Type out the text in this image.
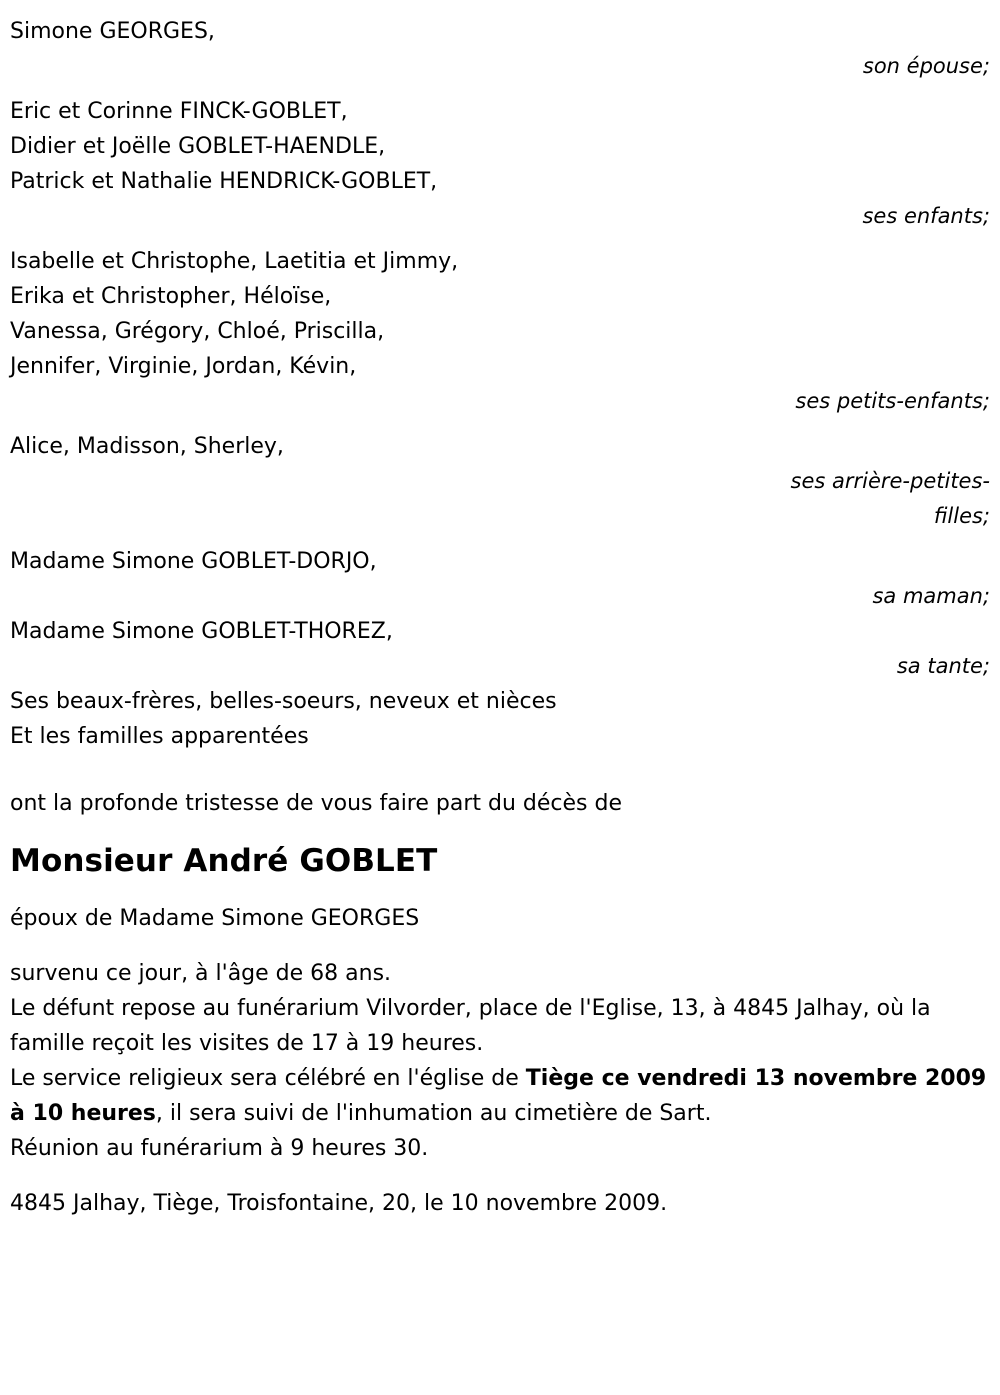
Simone GEORGES,
son épouse;
Eric et Corinne FINCK-GOBLET,
Didier et Joëlle GOBLET-HAENDLE,
Patrick et Nathalie HENDRICK-GOBLET,
ses enfants;
Isabelle et Christophe, Laetitia et Jimmy,
Erika et Christopher, Héloïse,
Vanessa, Grégory, Chloé, Priscilla,
Jennifer, Virginie, Jordan, Kévin,
ses petits-enfants;
Alice, Madisson, Sherley,
ses arrière-petites-
filles;
Madame Simone GOBLET-DORJO,
sa maman;
Madame Simone GOBLET-THOREZ,
sa tante;
Ses beaux-frères, belles-soeurs, neveux et nièces
Et les familles apparentées
ont la profonde tristesse de vous faire part du décès de
Monsieur André GOBLET
époux de Madame Simone GEORGES
survenu ce jour, à l'âge de 68 ans.
Le défunt repose au funérarium Vilvorder, place de l'Eglise, 13, à 4845 Jalhay, où la famille reçoit les visites de 17 à 19 heures.
Le service religieux sera célébré en l'église de Tiège ce vendredi 13 novembre 2009 à 10 heures, il sera suivi de l'inhumation au cimetière de Sart.
Réunion au funérarium à 9 heures 30.
4845 Jalhay, Tiège, Troisfontaine, 20, le 10 novembre 2009.
